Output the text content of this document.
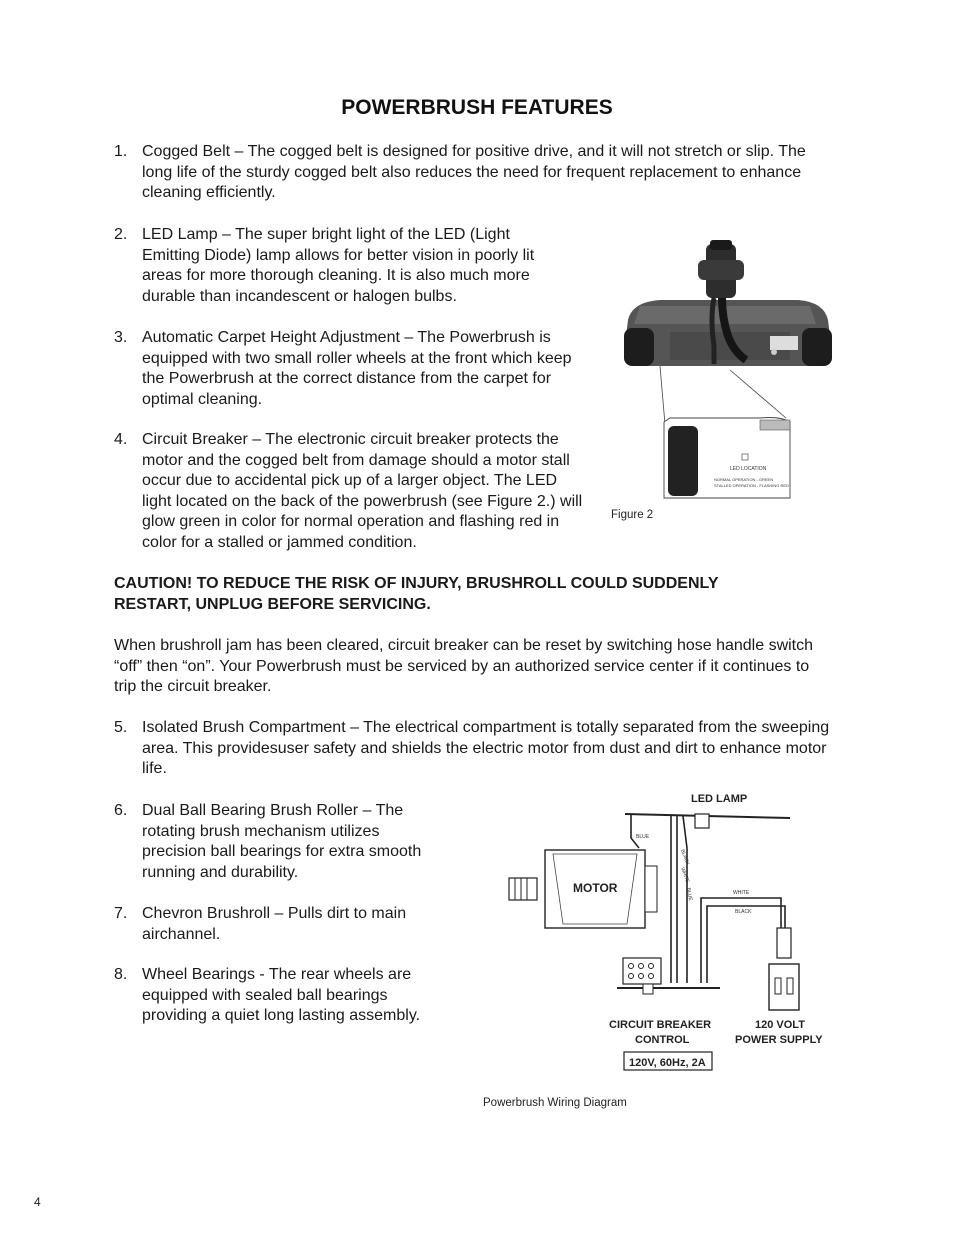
POWERBRUSH FEATURES
1. Cogged Belt – The cogged belt is designed for positive drive, and it will not stretch or slip. The long life of the sturdy cogged belt also reduces the need for frequent replacement to enhance cleaning efficiently.
2. LED Lamp – The super bright light of the LED (Light Emitting Diode) lamp allows for better vision in poorly lit areas for more thorough cleaning. It is also much more durable than incandescent or halogen bulbs.
3. Automatic Carpet Height Adjustment – The Powerbrush is equipped with two small roller wheels at the front which keep the Powerbrush at the correct distance from the carpet for optimal cleaning.
4. Circuit Breaker – The electronic circuit breaker protects the motor and the cogged belt from damage should a motor stall occur due to accidental pick up of a larger object. The LED light located on the back of the powerbrush (see Figure 2.) will glow green in color for normal operation and flashing red in color for a stalled or jammed condition.
LED LOCATION
NORMAL OPERATION - GREEN
STALLED OPERATION - FLASHING RED
Figure 2
CAUTION! TO REDUCE THE RISK OF INJURY, BRUSHROLL COULD SUDDENLY RESTART, UNPLUG BEFORE SERVICING.
When brushroll jam has been cleared, circuit breaker can be reset by switching hose handle switch “off” then “on”. Your Powerbrush must be serviced by an authorized service center if it continues to trip the circuit breaker.
5. Isolated Brush Compartment – The electrical compartment is totally separated from the sweeping area. This providesuser safety and shields the electric motor from dust and dirt to enhance motor life.
6. Dual Ball Bearing Brush Roller – The rotating brush mechanism utilizes precision ball bearings for extra smooth running and durability.
7. Chevron Brushroll – Pulls dirt to main airchannel.
8. Wheel Bearings - The rear wheels are equipped with sealed ball bearings providing a quiet long lasting assembly.
LED LAMP
MOTOR
BLUE
BLACK
WHITE
BLUE	WHITE
BLACK
CIRCUIT BREAKER
CONTROL
120 VOLT
POWER SUPPLY
120V, 60Hz, 2A
Powerbrush Wiring Diagram
4
